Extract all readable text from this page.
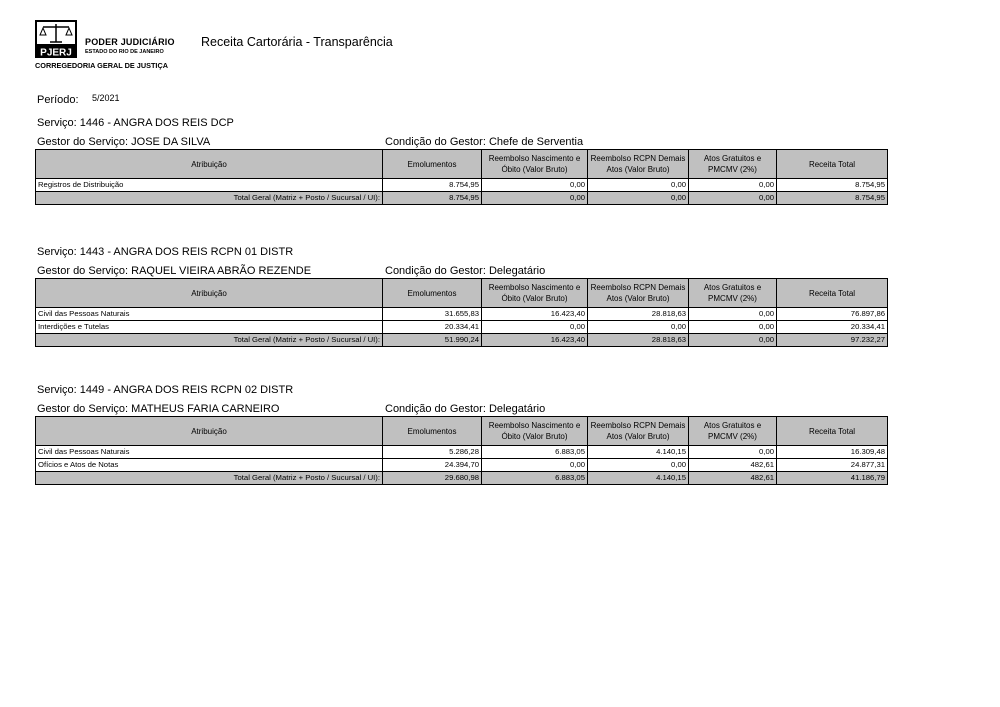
PJERJ
PODER JUDICIÁRIO
ESTADO DO RIO DE JANEIRO
CORREGEDORIA GERAL DE JUSTIÇA
Receita Cartorária - Transparência
Período: 5/2021
Serviço: 1446 - ANGRA DOS REIS DCP
Gestor do Serviço: JOSE DA SILVA	Condição do Gestor: Chefe de Serventia
Atribuição	Emolumentos	Reembolso Nascimento e Óbito (Valor Bruto)	Reembolso RCPN Demais Atos (Valor Bruto)	Atos Gratuitos e PMCMV (2%)	Receita Total
Registros de Distribuição	8.754,95	0,00	0,00	0,00	8.754,95
Total Geral (Matriz + Posto / Sucursal / UI):	8.754,95	0,00	0,00	0,00	8.754,95
Serviço: 1443 - ANGRA DOS REIS RCPN 01 DISTR
Gestor do Serviço: RAQUEL VIEIRA ABRÃO REZENDE	Condição do Gestor: Delegatário
Atribuição	Emolumentos	Reembolso Nascimento e Óbito (Valor Bruto)	Reembolso RCPN Demais Atos (Valor Bruto)	Atos Gratuitos e PMCMV (2%)	Receita Total
Civil das Pessoas Naturais	31.655,83	16.423,40	28.818,63	0,00	76.897,86
Interdições e Tutelas	20.334,41	0,00	0,00	0,00	20.334,41
Total Geral (Matriz + Posto / Sucursal / UI):	51.990,24	16.423,40	28.818,63	0,00	97.232,27
Serviço: 1449 - ANGRA DOS REIS RCPN 02 DISTR
Gestor do Serviço: MATHEUS FARIA CARNEIRO	Condição do Gestor: Delegatário
Atribuição	Emolumentos	Reembolso Nascimento e Óbito (Valor Bruto)	Reembolso RCPN Demais Atos (Valor Bruto)	Atos Gratuitos e PMCMV (2%)	Receita Total
Civil das Pessoas Naturais	5.286,28	6.883,05	4.140,15	0,00	16.309,48
Ofícios e Atos de Notas	24.394,70	0,00	0,00	482,61	24.877,31
Total Geral (Matriz + Posto / Sucursal / UI):	29.680,98	6.883,05	4.140,15	482,61	41.186,79
